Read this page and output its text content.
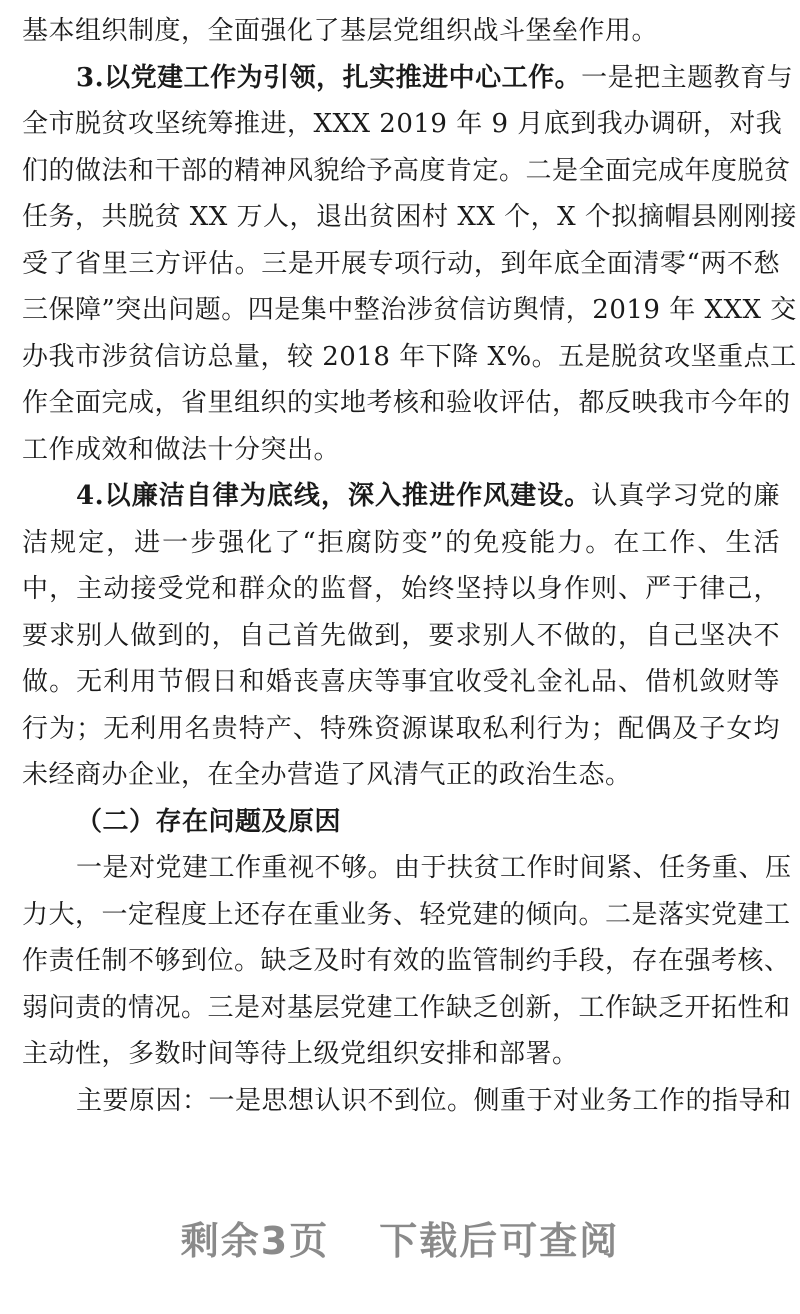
基本组织制度，全面强化了基层党组织战斗堡垒作用。
3.以党建工作为引领，扎实推进中心工作。一是把主题教育与
全市脱贫攻坚统筹推进，XXX 2019 年 9 月底到我办调研，对我
们的做法和干部的精神风貌给予高度肯定。二是全面完成年度脱贫
任务，共脱贫 XX 万人，退出贫困村 XX 个，X 个拟摘帽县刚刚接
受了省里三方评估。三是开展专项行动，到年底全面清零“两不愁
三保障”突出问题。四是集中整治涉贫信访舆情，2019 年 XXX 交
办我市涉贫信访总量，较 2018 年下降 X%。五是脱贫攻坚重点工
作全面完成，省里组织的实地考核和验收评估，都反映我市今年的
工作成效和做法十分突出。
4.以廉洁自律为底线，深入推进作风建设。认真学习党的廉
洁规定，进一步强化了“拒腐防变”的免疫能力。在工作、生活
中，主动接受党和群众的监督，始终坚持以身作则、严于律己，
要求别人做到的，自己首先做到，要求别人不做的，自己坚决不
做。无利用节假日和婚丧喜庆等事宜收受礼金礼品、借机敛财等
行为；无利用名贵特产、特殊资源谋取私利行为；配偶及子女均
未经商办企业，在全办营造了风清气正的政治生态。
（二）存在问题及原因
一是对党建工作重视不够。由于扶贫工作时间紧、任务重、压
力大，一定程度上还存在重业务、轻党建的倾向。二是落实党建工
作责任制不够到位。缺乏及时有效的监管制约手段，存在强考核、
弱问责的情况。三是对基层党建工作缺乏创新，工作缺乏开拓性和
主动性，多数时间等待上级党组织安排和部署。
主要原因：一是思想认识不到位。侧重于对业务工作的指导和
剩余3页 下载后可查阅
